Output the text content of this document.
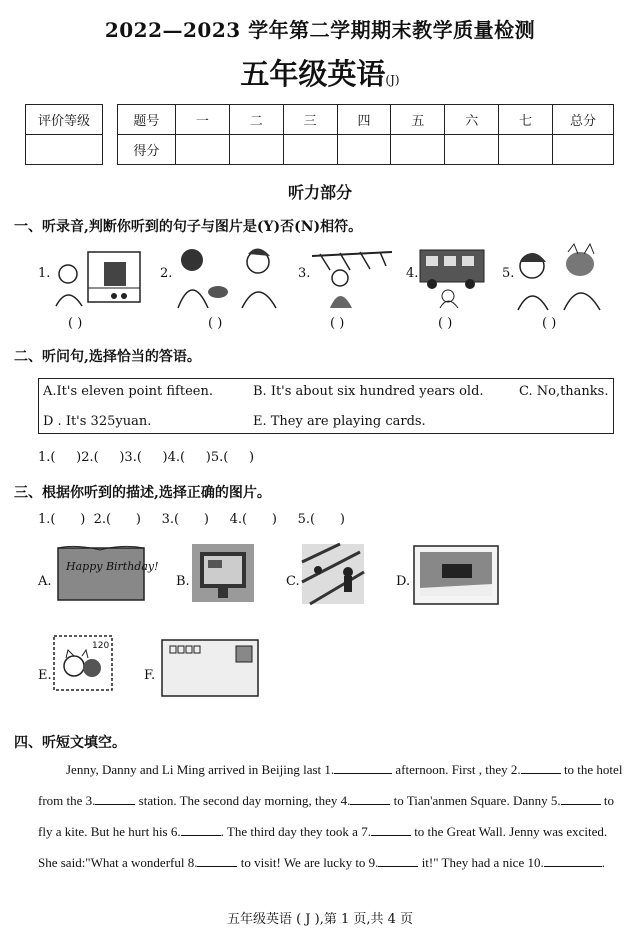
2022—2023 学年第二学期期末教学质量检测
五年级英语(J)
评价等级	题号	一	二	三	四	五	六	七	总分
得分								
听力部分
一、听录音,判断你听到的句子与图片是(Y)否(N)相符。
1.
( )
2.
( )
3.
( )
4.
( )
5.
( )
二、听问句,选择恰当的答语。
A.It's eleven point fifteen.	B. It's about six hundred years old.	C. No,thanks.
D . It's 325yuan.	E. They are playing cards.
1.(     )2.(     )3.(     )4.(     )5.(     )
三、根据你听到的描述,选择正确的图片。
1.(      )  2.(      )     3.(      )     4.(      )     5.(      )
A.
Happy Birthday!
B.	C.	D.
E.
120
F.
四、听短文填空。

Jenny, Danny and Li Ming arrived in Beijing last 1.	afternoon. First , they 2.	to the hotel from the 3.	station. The second day morning, they 4.	to Tian'anmen Square. Danny 5.	to fly a kite. But he hurt his 6.	. The third day they took a 7.	to the Great Wall. Jenny was excited. She said:"What a wonderful 8.	to visit! We are lucky to 9.	it!" They had a nice 10.	.

五年级英语 ( J ),第 1 页,共 4 页
